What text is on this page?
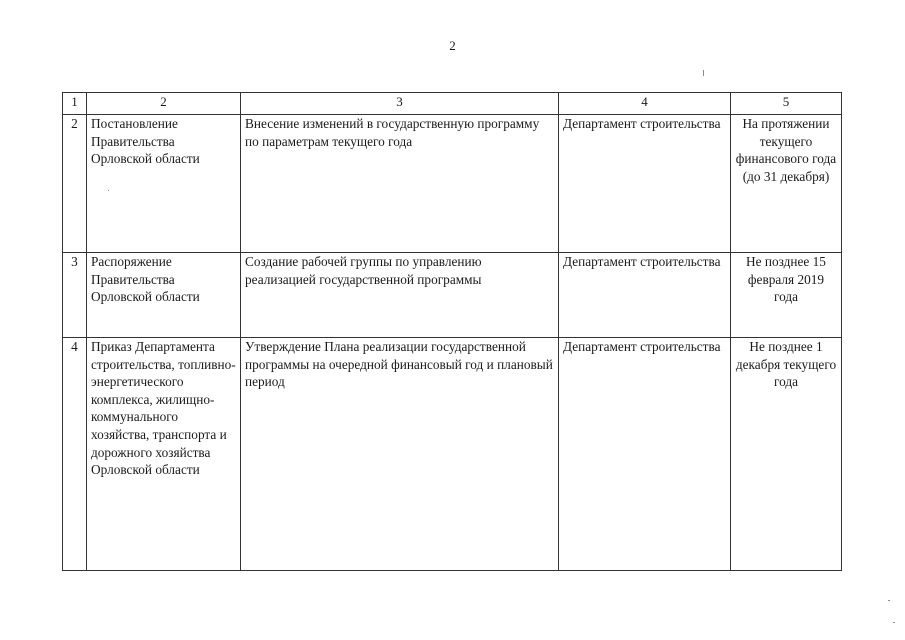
2
1	2	3	4	5
2	Постановление Правительства Орловской области	Внесение изменений в государственную программу по параметрам текущего года	Департамент строительства	На протяжении текущего финансового года (до 31 декабря)
3	Распоряжение Правительства Орловской области	Создание рабочей группы по управлению реализацией государственной программы	Департамент строительства	Не позднее 15 февраля 2019 года
4	Приказ Департамента строительства, топливно-энергетического комплекса, жилищно-коммунального хозяйства, транспорта и дорожного хозяйства Орловской области	Утверждение Плана реализации государственной программы на очередной финансовый год и плановый период	Департамент строительства	Не позднее 1 декабря текущего года
